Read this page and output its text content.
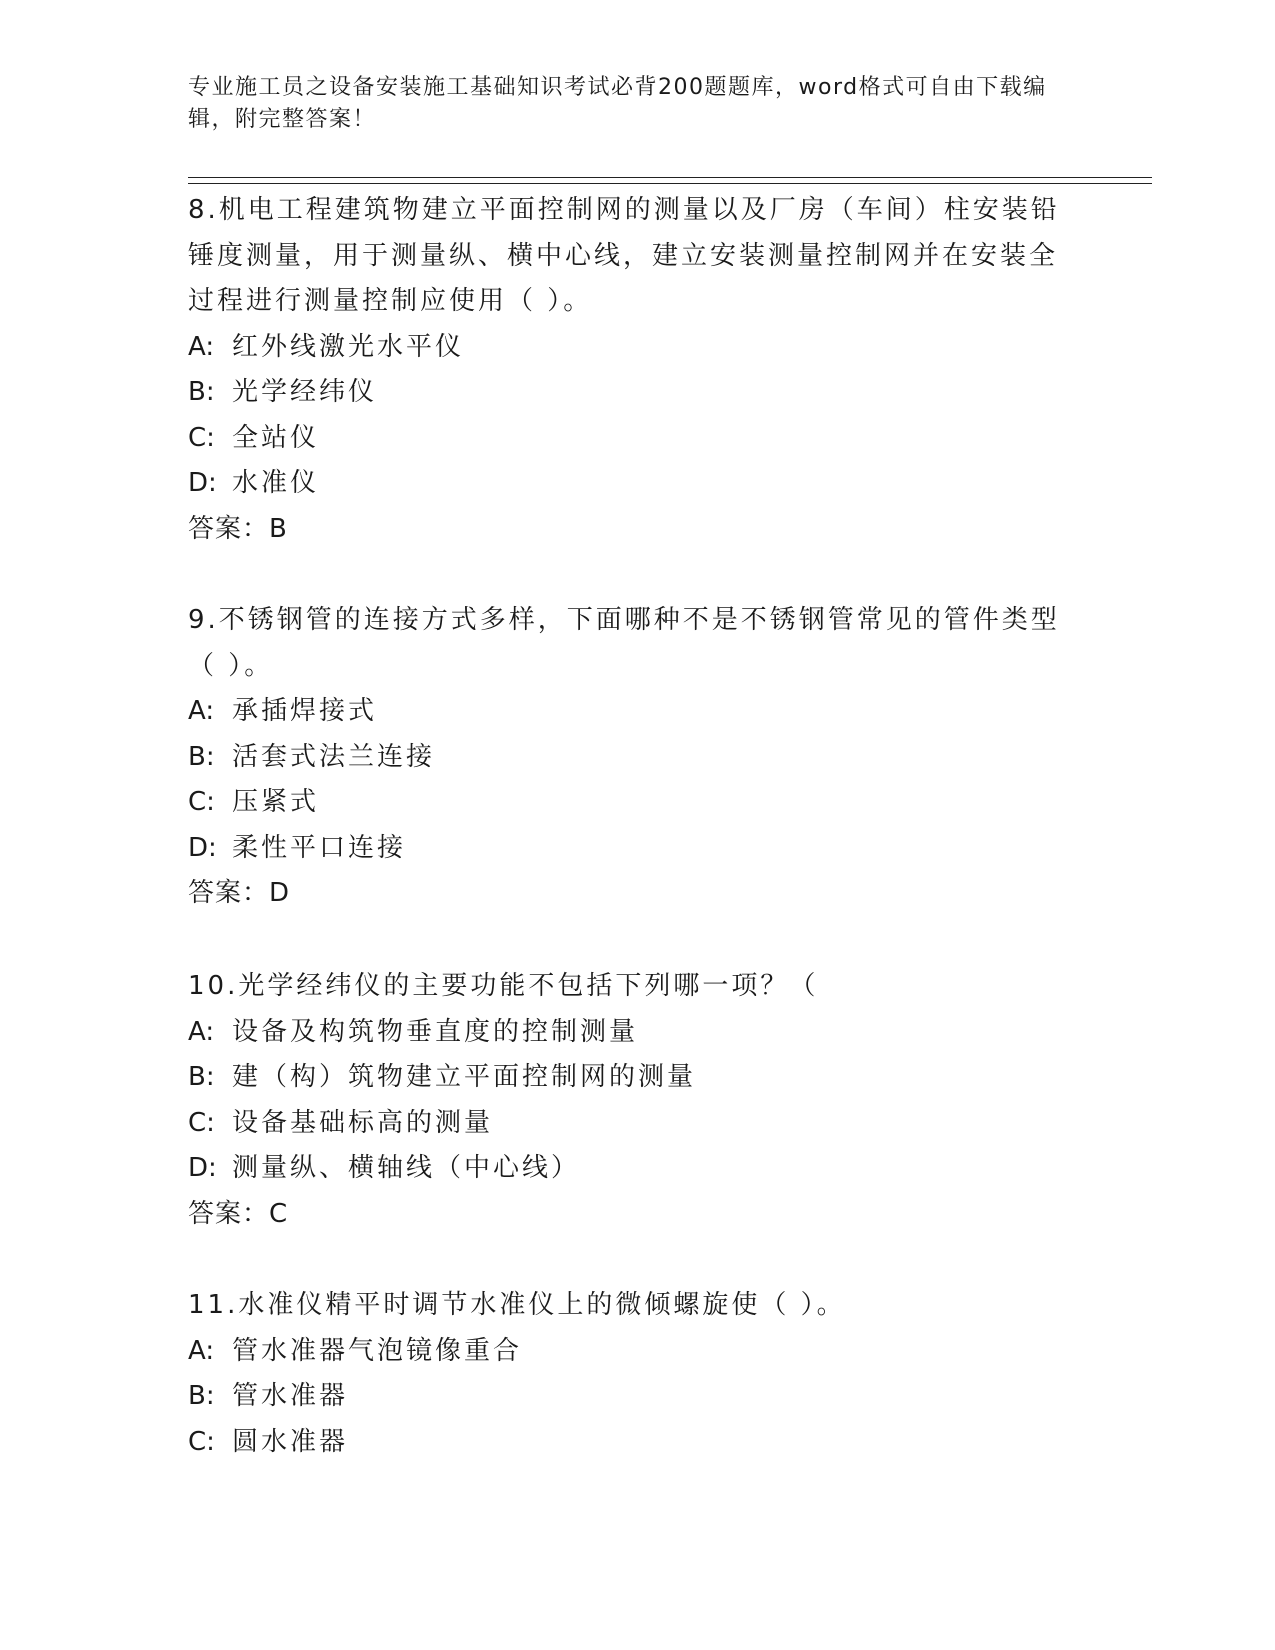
专业施工员之设备安装施工基础知识考试必背200题题库，word格式可自由下载编辑，附完整答案！

8.机电工程建筑物建立平面控制网的测量以及厂房（车间）柱安装铅锤度测量，用于测量纵、横中心线，建立安装测量控制网并在安装全过程进行测量控制应使用（ ）。

A: 红外线激光水平仪

B: 光学经纬仪

C: 全站仪

D: 水准仪

答案：B

9.不锈钢管的连接方式多样，下面哪种不是不锈钢管常见的管件类型（ ）。

A: 承插焊接式

B: 活套式法兰连接

C: 压紧式

D: 柔性平口连接

答案：D

10.光学经纬仪的主要功能不包括下列哪一项？（

A: 设备及构筑物垂直度的控制测量

B: 建（构）筑物建立平面控制网的测量

C: 设备基础标高的测量

D: 测量纵、横轴线（中心线）

答案：C

11.水准仪精平时调节水准仪上的微倾螺旋使（ ）。

A: 管水准器气泡镜像重合

B: 管水准器

C: 圆水准器
